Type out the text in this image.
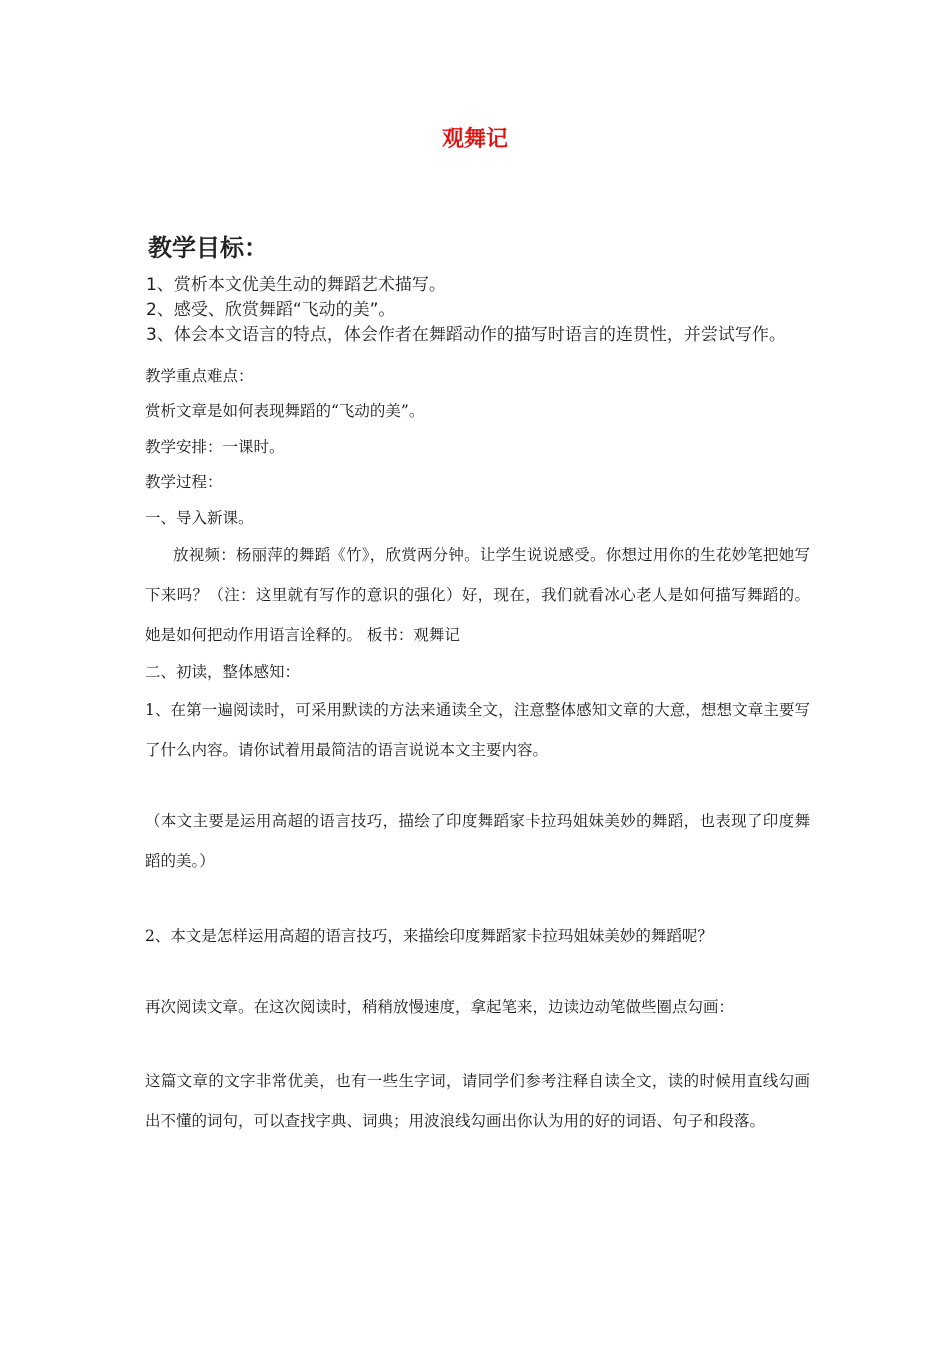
观舞记
教学目标：
1、赏析本文优美生动的舞蹈艺术描写。
2、感受、欣赏舞蹈“飞动的美”。
3、体会本文语言的特点，体会作者在舞蹈动作的描写时语言的连贯性，并尝试写作。
教学重点难点：
赏析文章是如何表现舞蹈的“飞动的美”。
教学安排：一课时。
教学过程：
一、导入新课。
放视频：杨丽萍的舞蹈《竹》，欣赏两分钟。让学生说说感受。你想过用你的生花妙笔把她写下来吗？（注：这里就有写作的意识的强化）好，现在，我们就看冰心老人是如何描写舞蹈的。她是如何把动作用语言诠释的。 板书：观舞记
二、初读，整体感知：
1、在第一遍阅读时，可采用默读的方法来通读全文，注意整体感知文章的大意，想想文章主要写了什么内容。请你试着用最简洁的语言说说本文主要内容。
（本文主要是运用高超的语言技巧，描绘了印度舞蹈家卡拉玛姐妹美妙的舞蹈，也表现了印度舞蹈的美。）
2、本文是怎样运用高超的语言技巧，来描绘印度舞蹈家卡拉玛姐妹美妙的舞蹈呢？
再次阅读文章。在这次阅读时，稍稍放慢速度，拿起笔来，边读边动笔做些圈点勾画：
这篇文章的文字非常优美，也有一些生字词，请同学们参考注释自读全文，读的时候用直线勾画出不懂的词句，可以查找字典、词典；用波浪线勾画出你认为用的好的词语、句子和段落。
